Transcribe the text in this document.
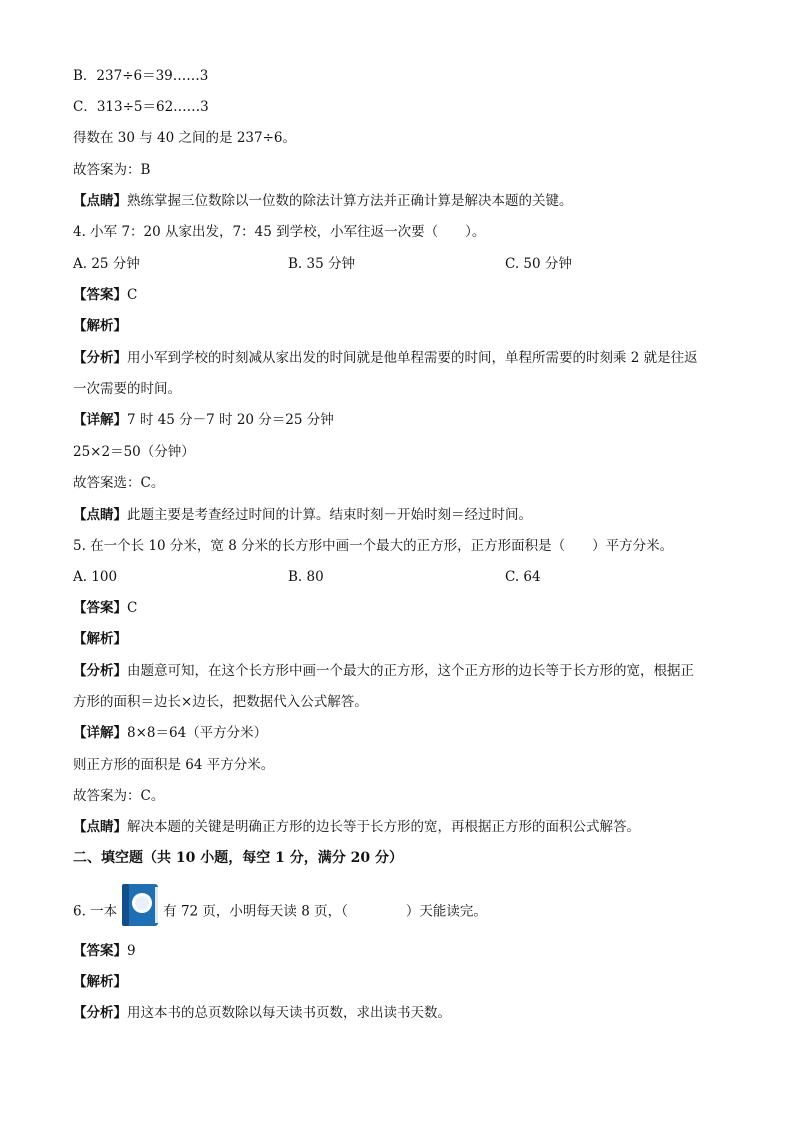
B．237÷6＝39……3
C．313÷5＝62……3
得数在 30 与 40 之间的是 237÷6。
故答案为：B
【点睛】熟练掌握三位数除以一位数的除法计算方法并正确计算是解决本题的关键。
4. 小军 7：20 从家出发，7：45 到学校，小军往返一次要（　　）。
A. 25 分钟	B. 35 分钟	C. 50 分钟
【答案】C
【解析】
【分析】用小军到学校的时刻减从家出发的时间就是他单程需要的时间，单程所需要的时刻乘 2 就是往返
一次需要的时间。
【详解】7 时 45 分－7 时 20 分＝25 分钟
25×2＝50（分钟）
故答案选：C。
【点睛】此题主要是考查经过时间的计算。结束时刻－开始时刻＝经过时间。
5. 在一个长 10 分米，宽 8 分米的长方形中画一个最大的正方形，正方形面积是（　　）平方分米。
A. 100	B. 80	C. 64
【答案】C
【解析】
【分析】由题意可知，在这个长方形中画一个最大的正方形，这个正方形的边长等于长方形的宽，根据正
方形的面积＝边长×边长，把数据代入公式解答。
【详解】8×8＝64（平方分米）
则正方形的面积是 64 平方分米。
故答案为：C。
【点睛】解决本题的关键是明确正方形的边长等于长方形的宽，再根据正方形的面积公式解答。
二、填空题（共 10 小题，每空 1 分，满分 20 分）
6. 一本	有 72 页，小明每天读 8 页，（	）天能读完。
【答案】9
【解析】
【分析】用这本书的总页数除以每天读书页数，求出读书天数。
